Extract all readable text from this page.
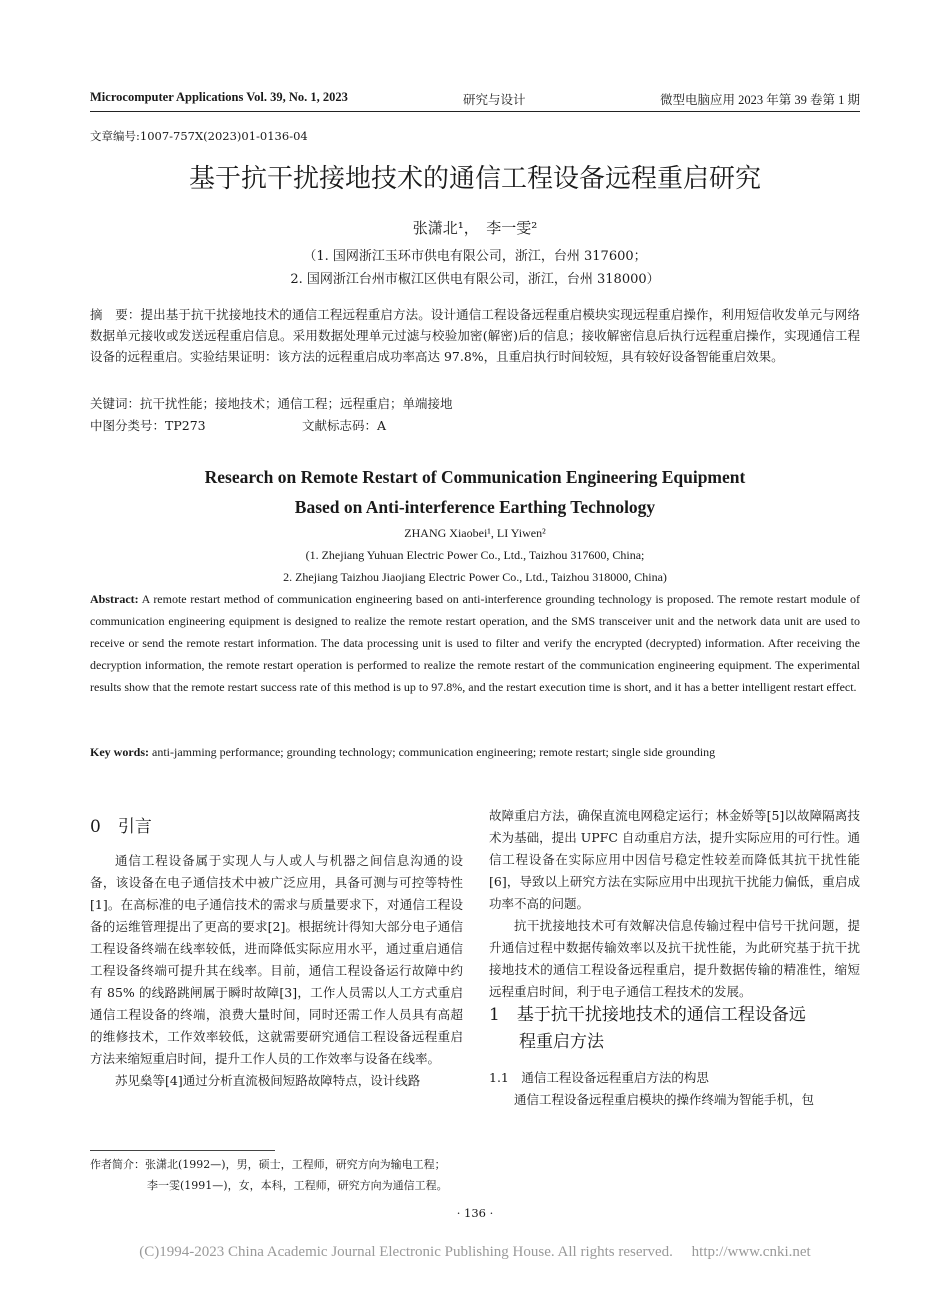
Microcomputer Applications Vol. 39, No. 1, 2023	研究与设计	微型电脑应用 2023 年第 39 卷第 1 期
文章编号:1007-757X(2023)01-0136-04
基于抗干扰接地技术的通信工程设备远程重启研究
张潇北¹，　李一雯²
（1. 国网浙江玉环市供电有限公司，浙江，台州 317600；
2. 国网浙江台州市椒江区供电有限公司，浙江，台州 318000）
摘　要：提出基于抗干扰接地技术的通信工程远程重启方法。设计通信工程设备远程重启模块实现远程重启操作，利用短信收发单元与网络数据单元接收或发送远程重启信息。采用数据处理单元过滤与校验加密(解密)后的信息；接收解密信息后执行远程重启操作，实现通信工程设备的远程重启。实验结果证明：该方法的远程重启成功率高达 97.8%，且重启执行时间较短，具有较好设备智能重启效果。
关键词：抗干扰性能；接地技术；通信工程；远程重启；单端接地
中图分类号：TP273	文献标志码：A
Research on Remote Restart of Communication Engineering Equipment
Based on Anti-interference Earthing Technology
ZHANG Xiaobei¹, LI Yiwen²
(1. Zhejiang Yuhuan Electric Power Co., Ltd., Taizhou 317600, China;
2. Zhejiang Taizhou Jiaojiang Electric Power Co., Ltd., Taizhou 318000, China)
Abstract: A remote restart method of communication engineering based on anti-interference grounding technology is proposed. The remote restart module of communication engineering equipment is designed to realize the remote restart operation, and the SMS transceiver unit and the network data unit are used to receive or send the remote restart information. The data processing unit is used to filter and verify the encrypted (decrypted) information. After receiving the decryption information, the remote restart operation is performed to realize the remote restart of the communication engineering equipment. The experimental results show that the remote restart success rate of this method is up to 97.8%, and the restart execution time is short, and it has a better intelligent restart effect.
Key words: anti-jamming performance; grounding technology; communication engineering; remote restart; single side grounding
0　引言

通信工程设备属于实现人与人或人与机器之间信息沟通的设备，该设备在电子通信技术中被广泛应用，具备可测与可控等特性[1]。在高标准的电子通信技术的需求与质量要求下，对通信工程设备的运维管理提出了更高的要求[2]。根据统计得知大部分电子通信工程设备终端在线率较低，进而降低实际应用水平，通过重启通信工程设备终端可提升其在线率。目前，通信工程设备运行故障中约有 85% 的线路跳闸属于瞬时故障[3]，工作人员需以人工方式重启通信工程设备的终端，浪费大量时间，同时还需工作人员具有高超的维修技术，工作效率较低，这就需要研究通信工程设备远程重启方法来缩短重启时间，提升工作人员的工作效率与设备在线率。

苏见燊等[4]通过分析直流极间短路故障特点，设计线路

故障重启方法，确保直流电网稳定运行；林金娇等[5]以故障隔离技术为基础，提出 UPFC 自动重启方法，提升实际应用的可行性。通信工程设备在实际应用中因信号稳定性较差而降低其抗干扰性能[6]，导致以上研究方法在实际应用中出现抗干扰能力偏低，重启成功率不高的问题。

抗干扰接地技术可有效解决信息传输过程中信号干扰问题，提升通信过程中数据传输效率以及抗干扰性能，为此研究基于抗干扰接地技术的通信工程设备远程重启，提升数据传输的精准性，缩短远程重启时间，利于电子通信工程技术的发展。

1　基于抗干扰接地技术的通信工程设备远
程重启方法
1.1　通信工程设备远程重启方法的构思

通信工程设备远程重启模块的操作终端为智能手机，包

作者简介：张潇北(1992—)，男，硕士，工程师，研究方向为输电工程；
李一雯(1991—)，女，本科，工程师，研究方向为通信工程。
· 136 ·
(C)1994-2023 China Academic Journal Electronic Publishing House. All rights reserved.　 http://www.cnki.net
